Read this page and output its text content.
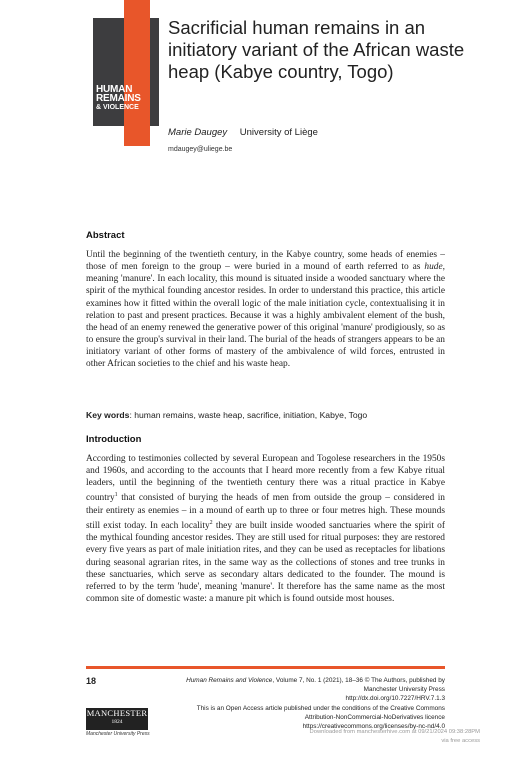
HUMAN
REMAINS
& VIOLENCE
Sacrificial human remains in an initiatory variant of the African waste heap (Kabye country, Togo)
Marie Daugey University of Liège
mdaugey@uliege.be
Abstract
Until the beginning of the twentieth century, in the Kabye country, some heads of enemies – those of men foreign to the group – were buried in a mound of earth referred to as hude, meaning 'manure'. In each locality, this mound is situated inside a wooded sanctuary where the spirit of the mythical founding ancestor resides. In order to understand this practice, this article examines how it fitted within the overall logic of the male initiation cycle, contextualising it in relation to past and present practices. Because it was a highly ambivalent element of the bush, the head of an enemy renewed the generative power of this original 'manure' prodigiously, so as to ensure the group's survival in their land. The burial of the heads of strangers appears to be an initiatory variant of other forms of mastery of the ambivalence of wild forces, entrusted in other African societies to the chief and his waste heap.
Key words: human remains, waste heap, sacrifice, initiation, Kabye, Togo
Introduction
According to testimonies collected by several European and Togolese researchers in the 1950s and 1960s, and according to the accounts that I heard more recently from a few Kabye ritual leaders, until the beginning of the twentieth century there was a ritual practice in Kabye country$^1$ that consisted of burying the heads of men from outside the group – considered in their entirety as enemies – in a mound of earth up to three or four metres high. These mounds still exist today. In each locality$^2$ they are built inside wooded sanctuaries where the spirit of the mythical founding ancestor resides. They are still used for ritual purposes: they are restored every five years as part of male initiation rites, and they can be used as receptacles for libations during seasonal agrarian rites, in the same way as the collections of stones and tree trunks in these sanctuaries, which serve as secondary altars dedicated to the founder. The mound is referred to by the term 'hude', meaning 'manure'. It therefore has the same name as the most common site of domestic waste: a manure pit which is found outside most houses.
18	Human Remains and Violence, Volume 7, No. 1 (2021), 18–36 © The Authors, published by
Manchester University Press
http://dx.doi.org/10.7227/HRV.7.1.3
This is an Open Access article published under the conditions of the Creative Commons
Attribution-NonCommercial-NoDerivatives licence
https://creativecommons.org/licenses/by-nc-nd/4.0
MANCHESTER
1824
Manchester University Press	Downloaded from manchesterhive.com at 09/21/2024 09:38:28PM
via free access
